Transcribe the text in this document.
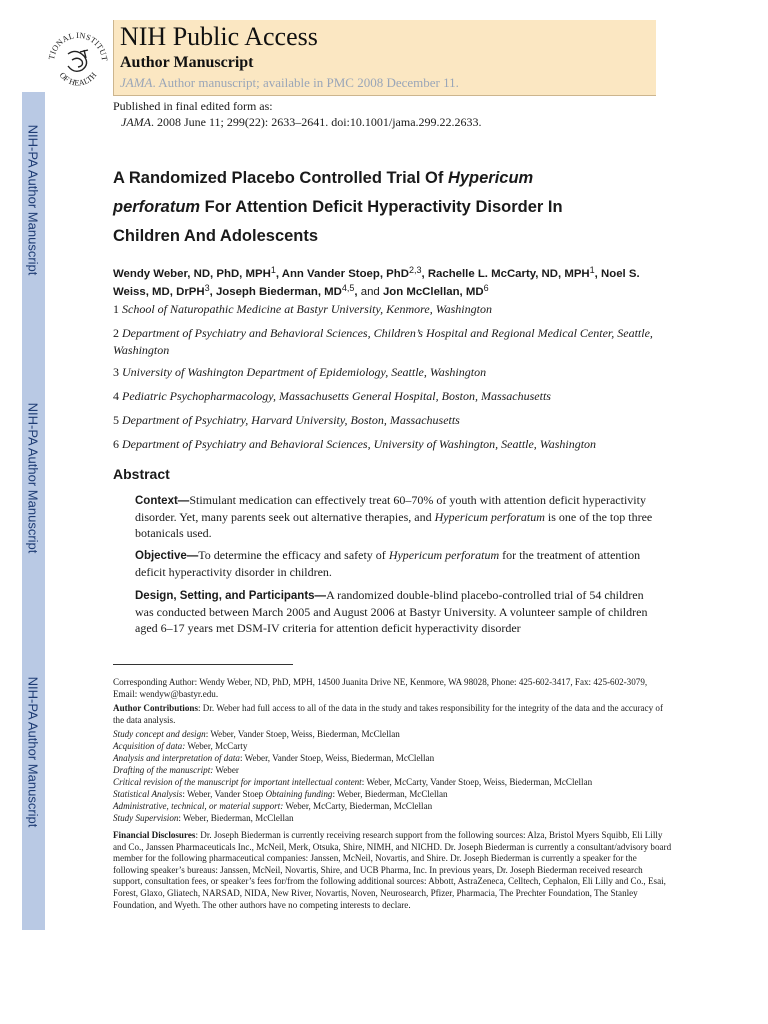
NIH-PA Author Manuscript
NIH-PA Author Manuscript
NIH-PA Author Manuscript
TIONAL INSTITUT
OF HEALTH
NIH Public Access
Author Manuscript
JAMA. Author manuscript; available in PMC 2008 December 11.
Published in final edited form as:
JAMA. 2008 June 11; 299(22): 2633–2641. doi:10.1001/jama.299.22.2633.
A Randomized Placebo Controlled Trial Of Hypericum perforatum For Attention Deficit Hyperactivity Disorder In Children And Adolescents
Wendy Weber, ND, PhD, MPH$^1$, Ann Vander Stoep, PhD$^{2,3}$, Rachelle L. McCarty, ND, MPH$^1$, Noel S. Weiss, MD, DrPH$^3$, Joseph Biederman, MD$^{4,5}$, and Jon McClellan, $MD^6$
1 School of Naturopathic Medicine at Bastyr University, Kenmore, Washington
2 Department of Psychiatry and Behavioral Sciences, Children’s Hospital and Regional Medical Center, Seattle, Washington
3 University of Washington Department of Epidemiology, Seattle, Washington
4 Pediatric Psychopharmacology, Massachusetts General Hospital, Boston, Massachusetts
5 Department of Psychiatry, Harvard University, Boston, Massachusetts
6 Department of Psychiatry and Behavioral Sciences, University of Washington, Seattle, Washington
Abstract
Context—Stimulant medication can effectively treat 60–70% of youth with attention deficit hyperactivity disorder. Yet, many parents seek out alternative therapies, and Hypericum perforatum is one of the top three botanicals used.
Objective—To determine the efficacy and safety of Hypericum perforatum for the treatment of attention deficit hyperactivity disorder in children.
Design, Setting, and Participants—A randomized double-blind placebo-controlled trial of 54 children was conducted between March 2005 and August 2006 at Bastyr University. A volunteer sample of children aged 6–17 years met DSM-IV criteria for attention deficit hyperactivity disorder
Corresponding Author: Wendy Weber, ND, PhD, MPH, 14500 Juanita Drive NE, Kenmore, WA 98028, Phone: 425-602-3417, Fax: 425-602-3079, Email: wendyw@bastyr.edu.
Author Contributions: Dr. Weber had full access to all of the data in the study and takes responsibility for the integrity of the data and the accuracy of the data analysis.
Study concept and design: Weber, Vander Stoep, Weiss, Biederman, McClellan
Acquisition of data: Weber, McCarty
Analysis and interpretation of data: Weber, Vander Stoep, Weiss, Biederman, McClellan
Drafting of the manuscript: Weber
Critical revision of the manuscript for important intellectual content: Weber, McCarty, Vander Stoep, Weiss, Biederman, McClellan
Statistical Analysis: Weber, Vander Stoep Obtaining funding: Weber, Biederman, McClellan
Administrative, technical, or material support: Weber, McCarty, Biederman, McClellan
Study Supervision: Weber, Biederman, McClellan
Financial Disclosures: Dr. Joseph Biederman is currently receiving research support from the following sources: Alza, Bristol Myers Squibb, Eli Lilly and Co., Janssen Pharmaceuticals Inc., McNeil, Merk, Otsuka, Shire, NIMH, and NICHD. Dr. Joseph Biederman is currently a consultant/advisory board member for the following pharmaceutical companies: Janssen, McNeil, Novartis, and Shire. Dr. Joseph Biederman is currently a speaker for the following speaker’s bureaus: Janssen, McNeil, Novartis, Shire, and UCB Pharma, Inc. In previous years, Dr. Joseph Biederman received research support, consultation fees, or speaker’s fees for/from the following additional sources: Abbott, AstraZeneca, Celltech, Cephalon, Eli Lilly and Co., Esai, Forest, Glaxo, Gliatech, NARSAD, NIDA, New River, Novartis, Noven, Neurosearch, Pfizer, Pharmacia, The Prechter Foundation, The Stanley Foundation, and Wyeth. The other authors have no competing interests to declare.
